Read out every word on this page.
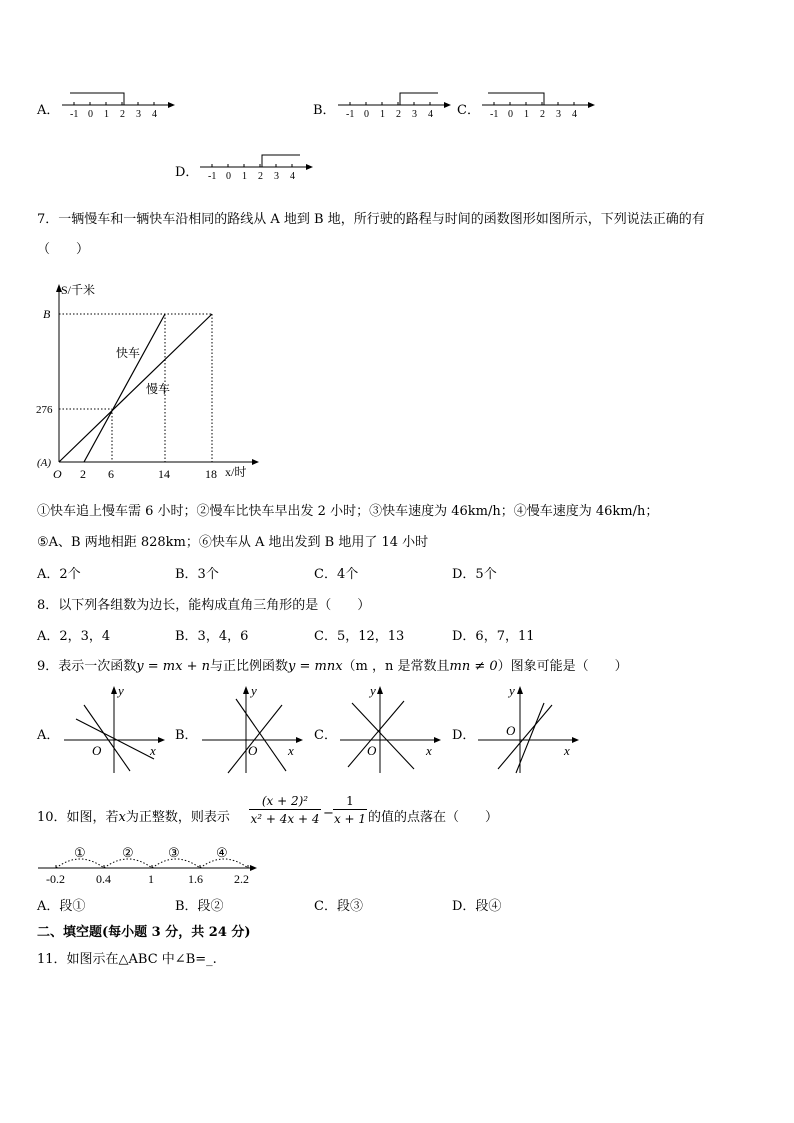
A． -1 0 1 2 3 4	B． -1 0 1 2 3 4 C． -1 0 1 2 3 4
D． -1 0 1 2 3 4
7．一辆慢车和一辆快车沿相同的路线从 A 地到 B 地，所行驶的路程与时间的函数图形如图所示，下列说法正确的有
（　　）
S/千米
B
276
(A)
O 2 6	14	18 x/时
快车
慢车
①快车追上慢车需 6 小时；②慢车比快车早出发 2 小时；③快车速度为 46km/h；④慢车速度为 46km/h；
⑤A、B 两地相距 828km；⑥快车从 A 地出发到 B 地用了 14 小时
A．2个	B．3个	C．4个	D．5个
8．以下列各组数为边长，能构成直角三角形的是（　　）
A．2，3，4	B．3，4，6	C．5，12，13	D．6，7，11
9．表示一次函数y = mx + n与正比例函数y = mnx（m ，n 是常数且mn ≠ 0）图象可能是（　　）
A．
y
x
O
B．
y
x
O
C．
y
x
O
D．
y
x
O
10．如图，若x为正整数，则表示 $\frac{\text{(x + 2)²}}{\text{x² + 4x + 4}} - \frac{1}{x + 1}$ 的值的点落在（　　）
①	②	③	④
-0.2	0.4	1	1.6	2.2
A．段①	B．段②	C．段③	D．段④
二、填空题(每小题 3 分，共 24 分)
11．如图示在△ABC 中∠B=_.
